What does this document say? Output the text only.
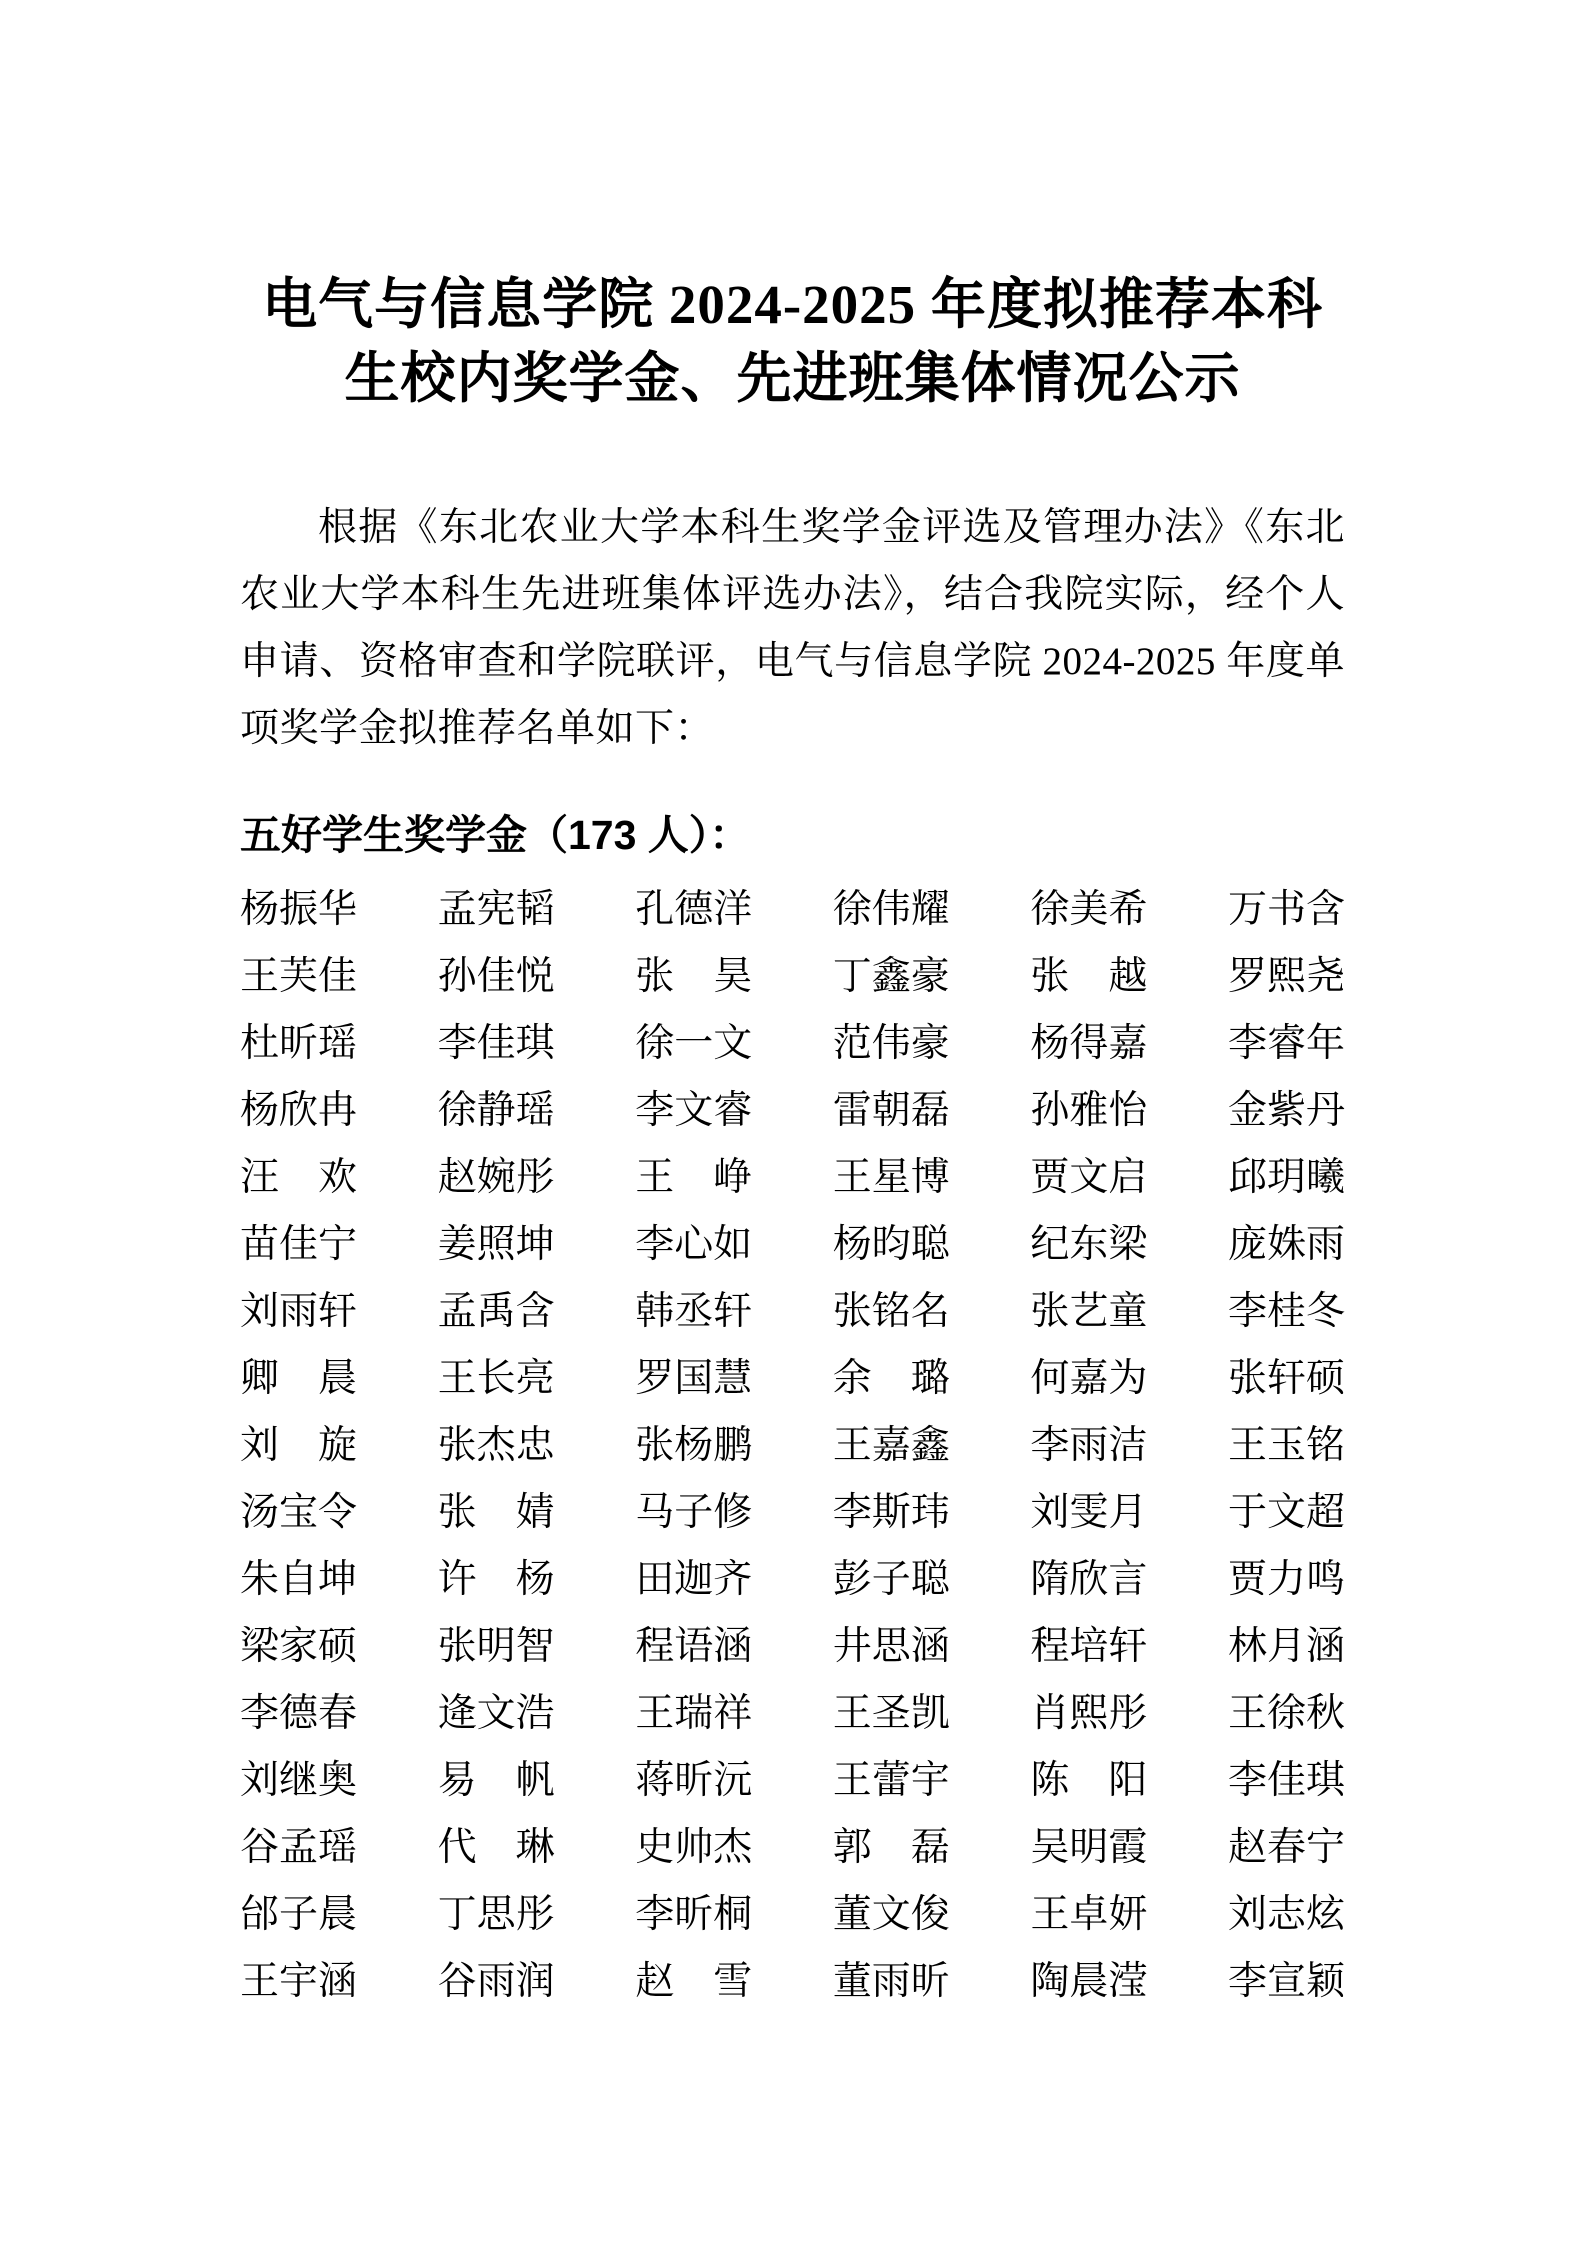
电气与信息学院 2024-2025 年度拟推荐本科
生校内奖学金、先进班集体情况公示

根据《东北农业大学本科生奖学金评选及管理办法》《东北农业大学本科生先进班集体评选办法》，结合我院实际，经个人申请、资格审查和学院联评，电气与信息学院 2024-2025 年度单项奖学金拟推荐名单如下：

五好学生奖学金（173 人）：
杨振华 孟宪韬 孔德洋 徐伟耀 徐美希 万书含
王芙佳 孙佳悦 张　昊 丁鑫豪 张　越 罗熙尧
杜昕瑶 李佳琪 徐一文 范伟豪 杨得嘉 李睿年
杨欣冉 徐静瑶 李文睿 雷朝磊 孙雅怡 金紫丹
汪　欢 赵婉彤 王　峥 王星博 贾文启 邱玥曦
苗佳宁 姜照坤 李心如 杨昀聪 纪东梁 庞姝雨
刘雨轩 孟禹含 韩丞轩 张铭名 张艺童 李桂冬
卿　晨 王长亮 罗国慧 余　璐 何嘉为 张轩硕
刘　旋 张杰忠 张杨鹏 王嘉鑫 李雨洁 王玉铭
汤宝令 张　婧 马子修 李斯玮 刘雯月 于文超
朱自坤 许　杨 田迦齐 彭子聪 隋欣言 贾力鸣
梁家硕 张明智 程语涵 井思涵 程培轩 林月涵
李德春 逄文浩 王瑞祥 王圣凯 肖熙彤 王徐秋
刘继奥 易　帆 蒋昕沅 王蕾宇 陈　阳 李佳琪
谷孟瑶 代　琳 史帅杰 郭　磊 吴明霞 赵春宁
邰子晨 丁思彤 李昕桐 董文俊 王卓妍 刘志炫
王宇涵 谷雨润 赵　雪 董雨昕 陶晨滢 李宣颖
